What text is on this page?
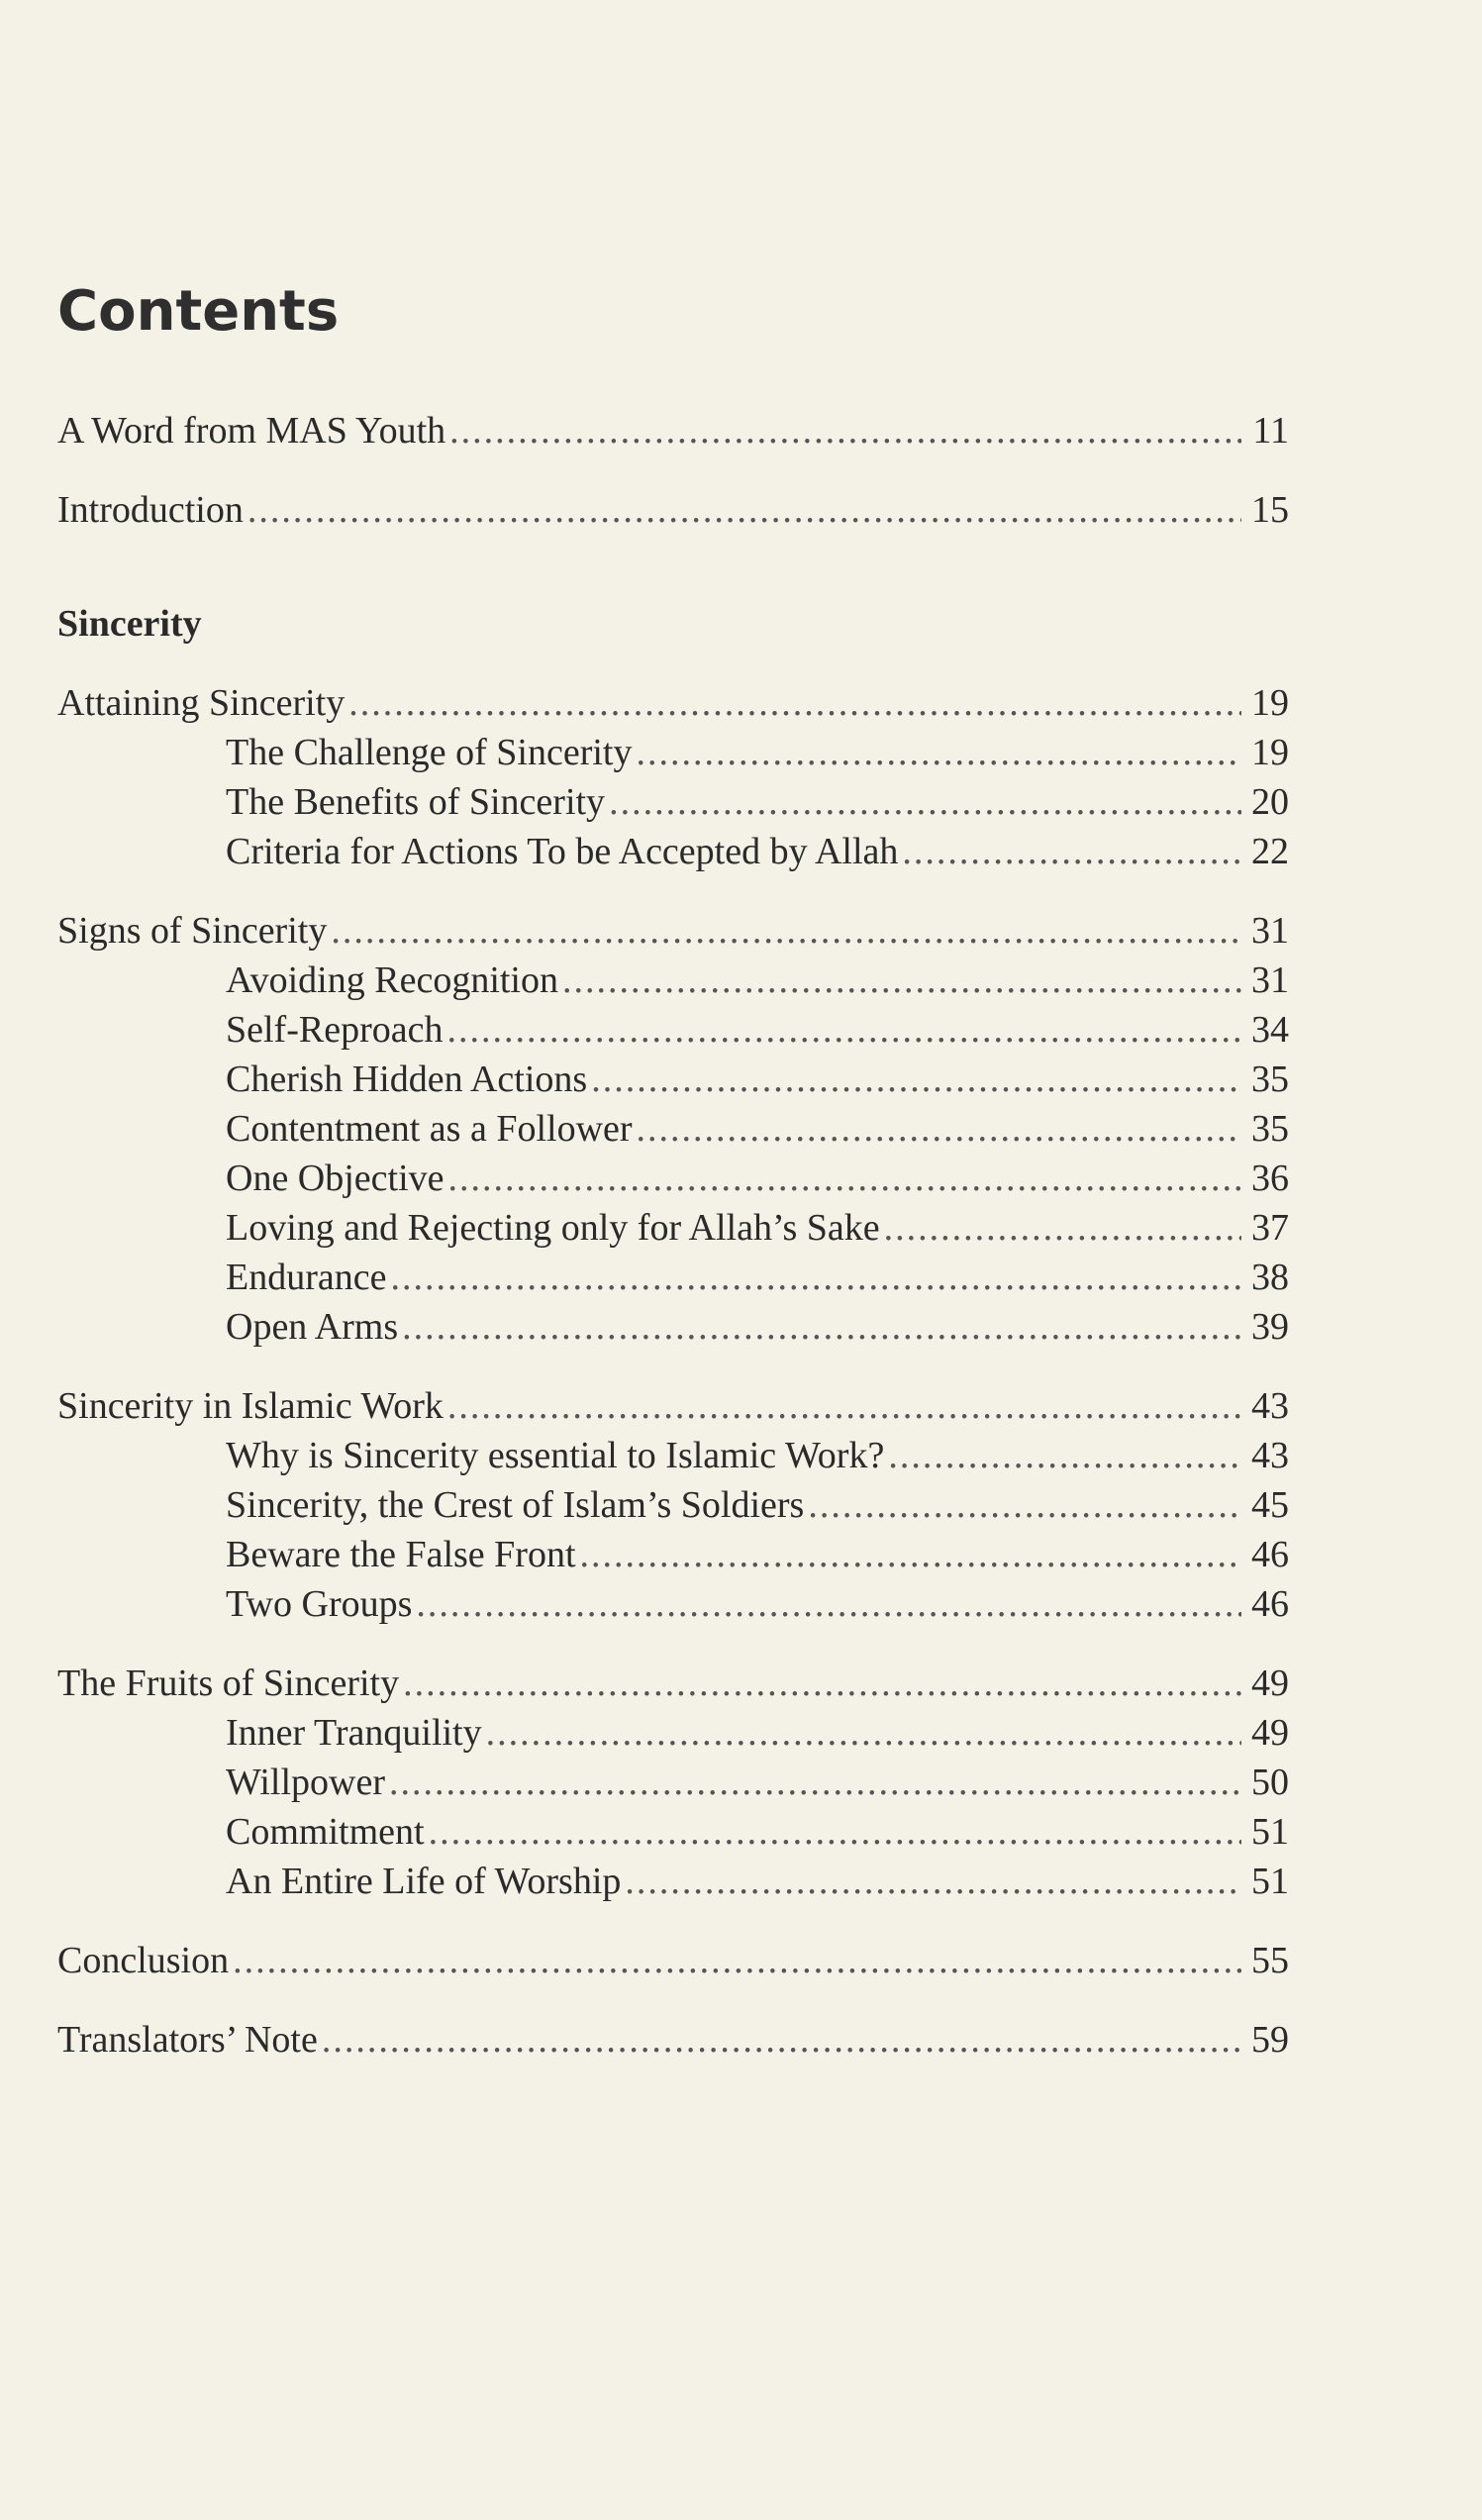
Contents
A Word from MAS Youth .....	11
Introduction .....	15
Sincerity
Attaining Sincerity .....	19
The Challenge of Sincerity .....	19
The Benefits of Sincerity .....	20
Criteria for Actions To be Accepted by Allah .....	22
Signs of Sincerity .....	31
Avoiding Recognition .....	31
Self-Reproach .....	34
Cherish Hidden Actions .....	35
Contentment as a Follower .....	35
One Objective .....	36
Loving and Rejecting only for Allah’s Sake .....	37
Endurance .....	38
Open Arms .....	39
Sincerity in Islamic Work .....	43
Why is Sincerity essential to Islamic Work? .....	43
Sincerity, the Crest of Islam’s Soldiers .....	45
Beware the False Front .....	46
Two Groups .....	46
The Fruits of Sincerity .....	49
Inner Tranquility .....	49
Willpower .....	50
Commitment .....	51
An Entire Life of Worship .....	51
Conclusion .....	55
Translators’ Note .....	59
